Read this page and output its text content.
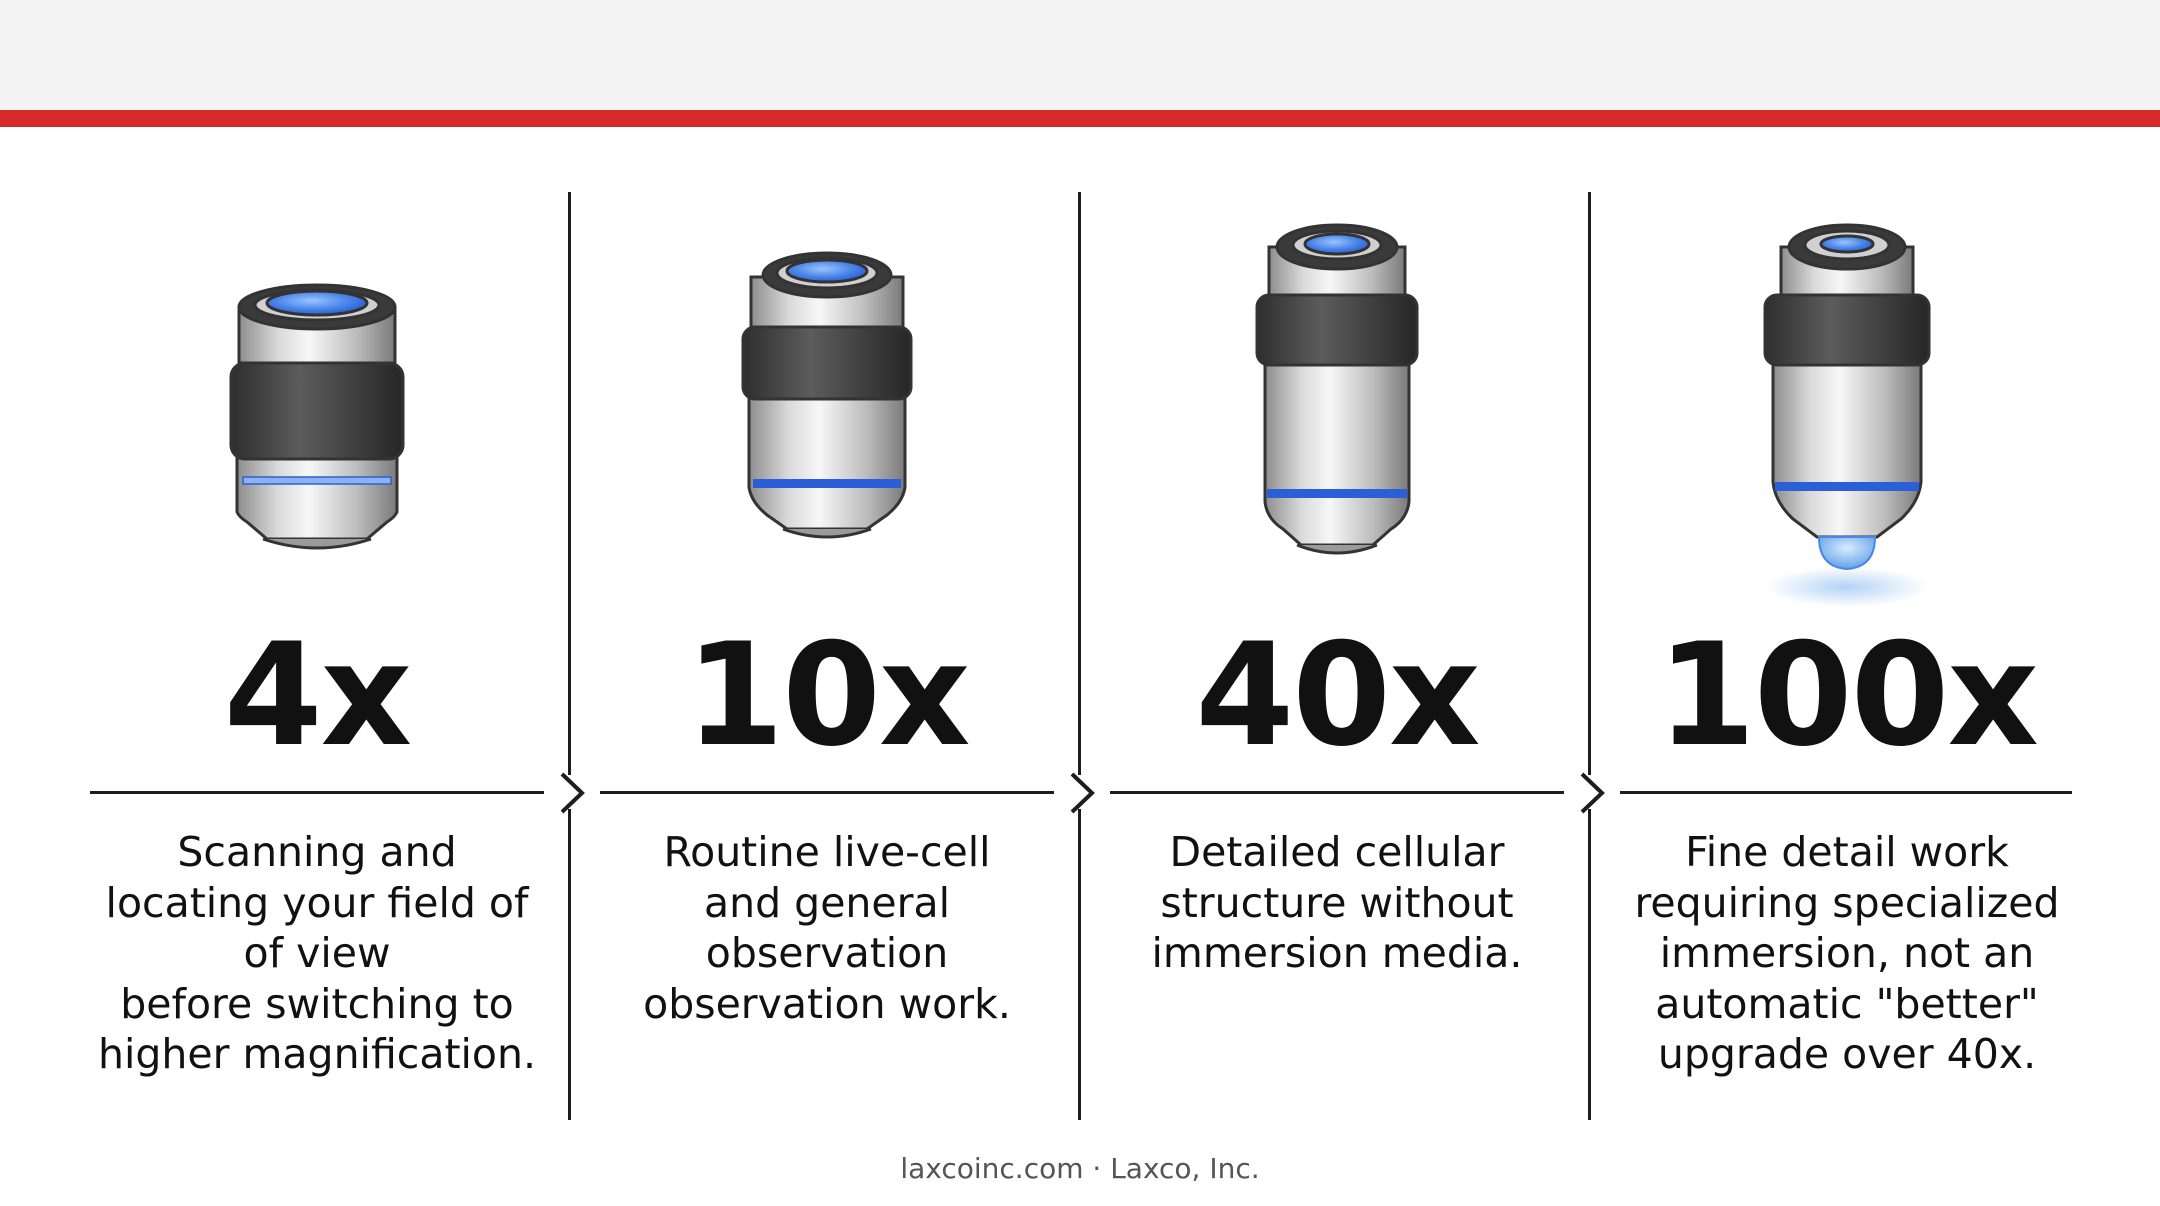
4x
Scanning and
locating your field of
of view
before switching to
higher magnification.
10x
Routine live-cell
and general
observation
observation work.
40x
Detailed cellular
structure without
immersion media.
100x
Fine detail work
requiring specialized
immersion, not an
automatic "better"
upgrade over 40x.
laxcoinc.com · Laxco, Inc.
